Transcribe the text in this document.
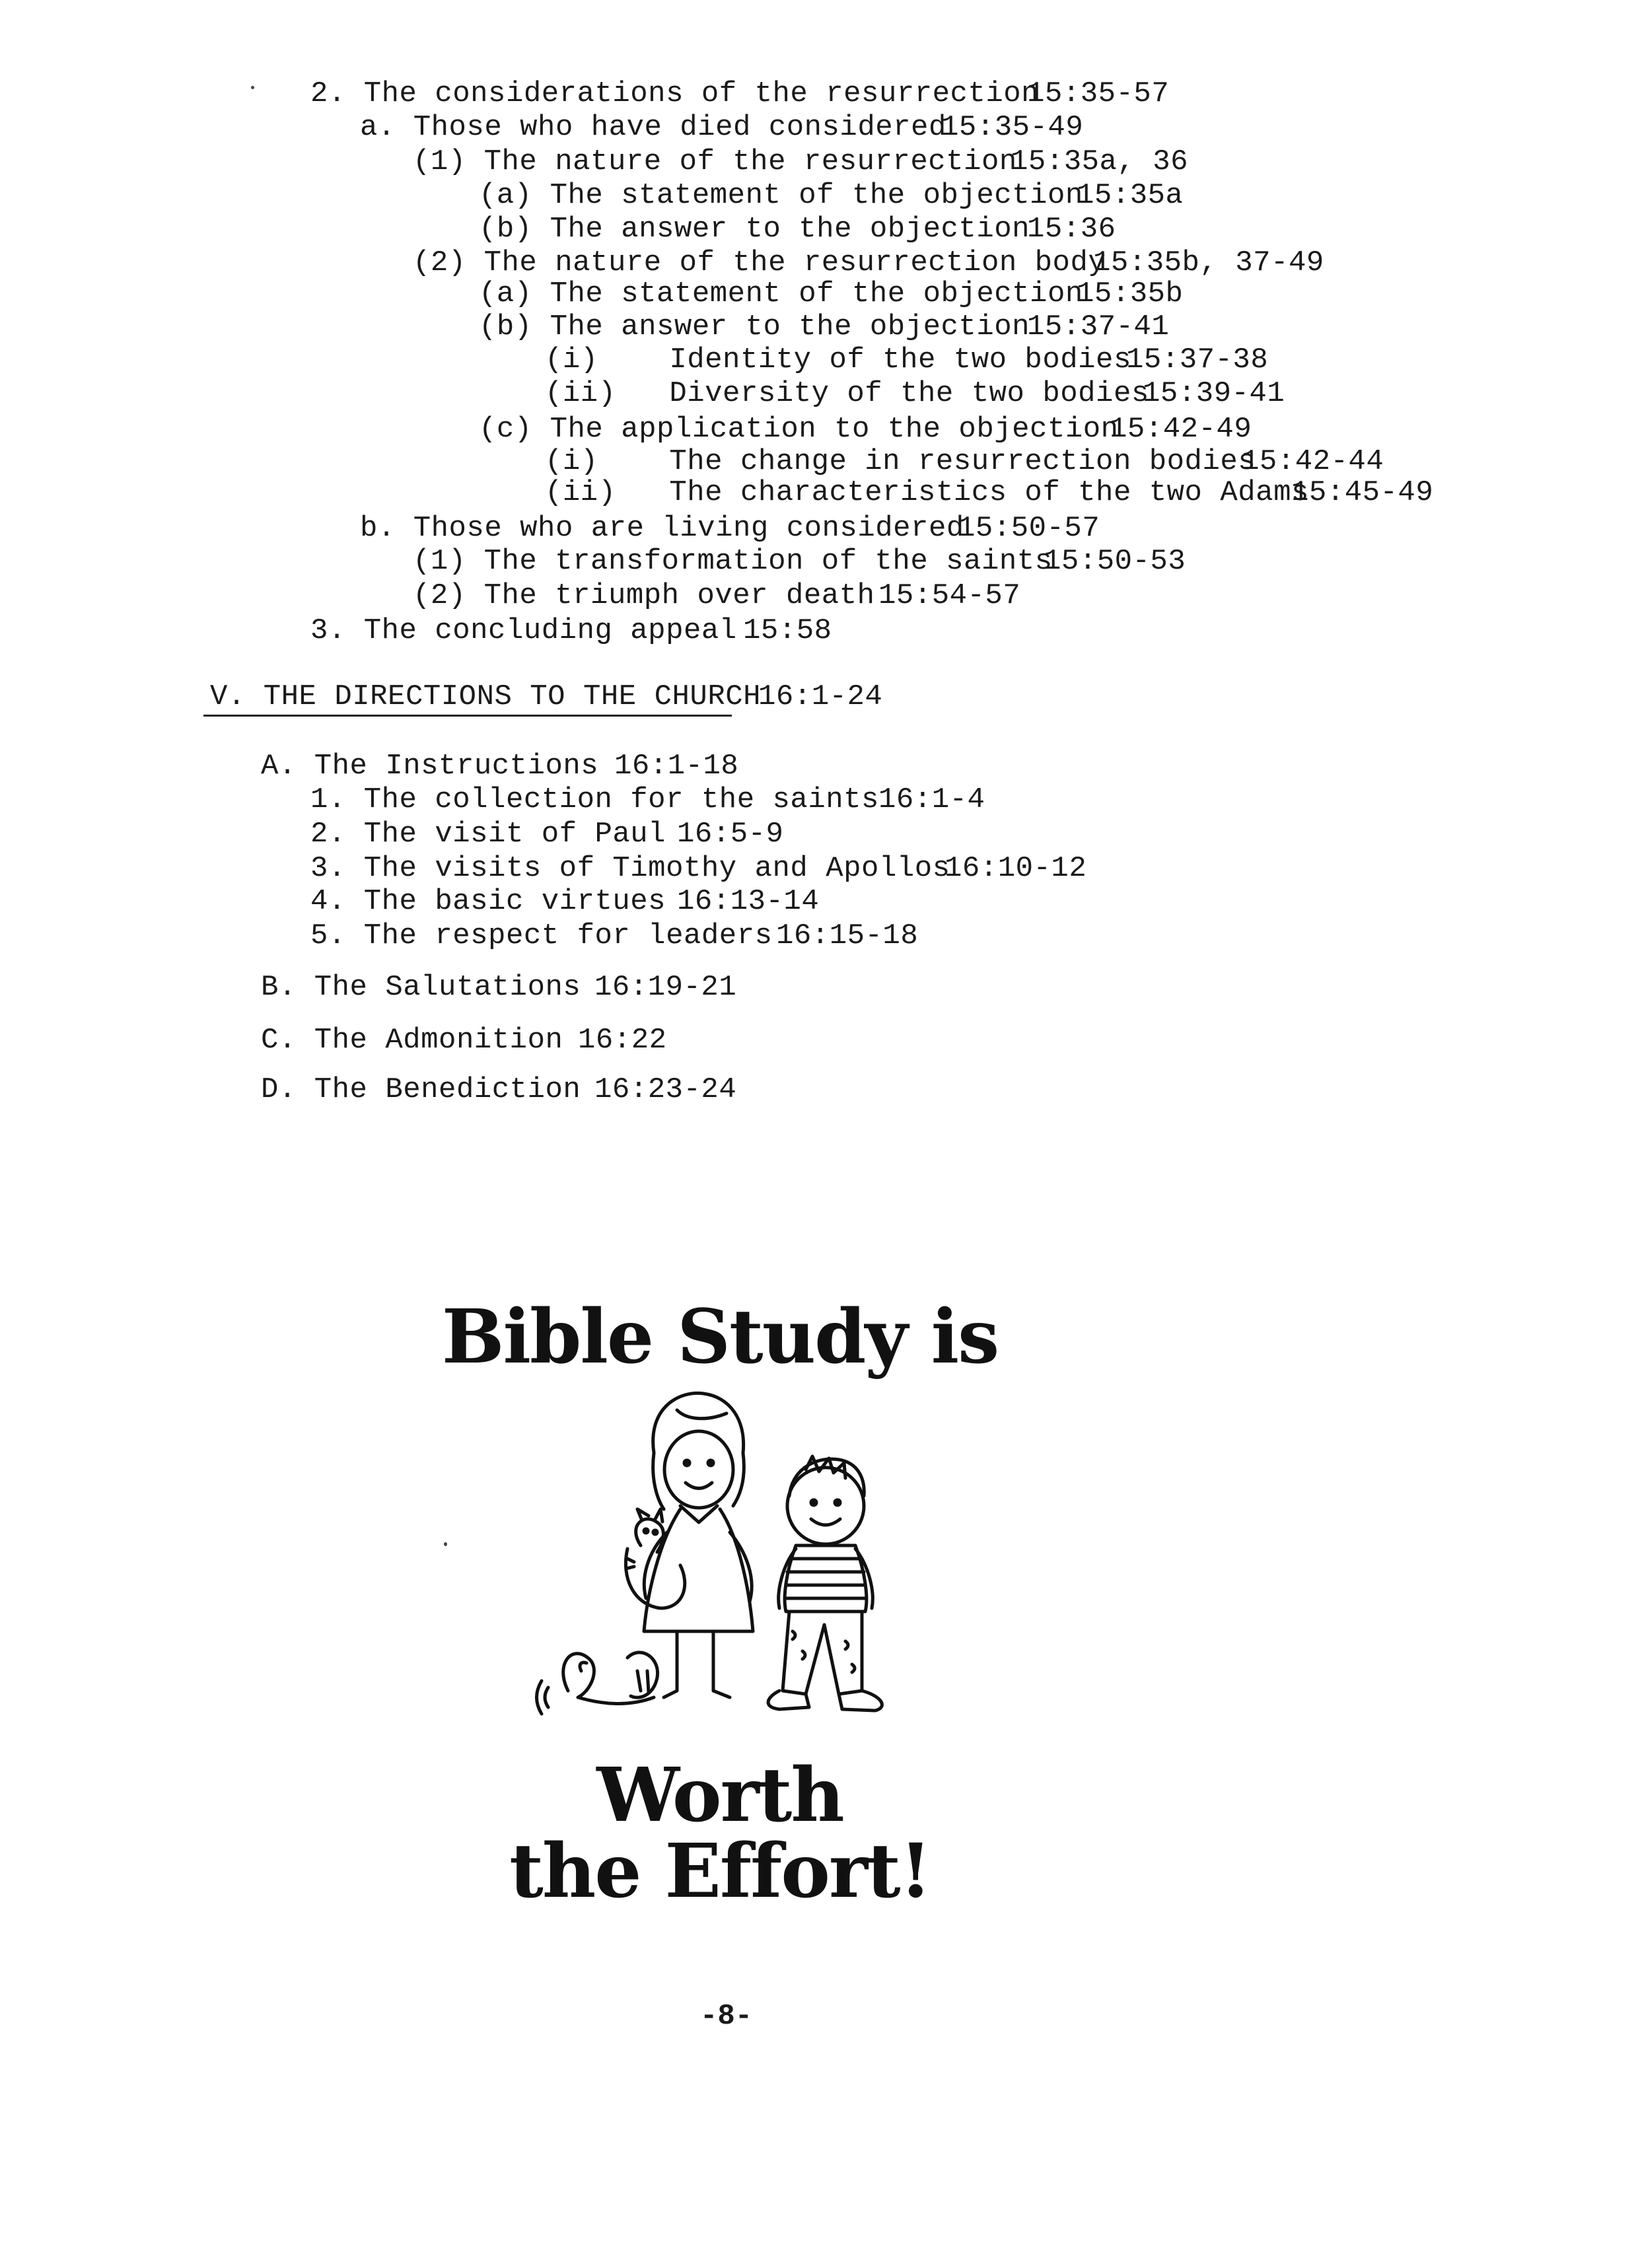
2. The considerations of the resurrection
15:35-57
a. Those who have died considered
15:35-49
(1) The nature of the resurrection
15:35a, 36
(a) The statement of the objection
15:35a
(b) The answer to the objection
15:36
(2) The nature of the resurrection body
15:35b, 37-49
(a) The statement of the objection
15:35b
(b) The answer to the objection
15:37-41
(i)    Identity of the two bodies
15:37-38
(ii)   Diversity of the two bodies
15:39-41
(c) The application to the objection
15:42-49
(i)    The change in resurrection bodies
15:42-44
(ii)   The characteristics of the two Adams
15:45-49
b. Those who are living considered
15:50-57
(1) The transformation of the saints
15:50-53
(2) The triumph over death 15:54-57
3. The concluding appeal 15:58
V. THE DIRECTIONS TO THE CHURCH
16:1-24
A. The Instructions 16:1-18
1. The collection for the saints 16:1-4
2. The visit of Paul 16:5-9
3. The visits of Timothy and Apollos
16:10-12
4. The basic virtues 16:13-14
5. The respect for leaders 16:15-18
B. The Salutations 16:19-21
C. The Admonition 16:22
D. The Benediction 16:23-24
Bible Study is
Worth
the Effort!
-8-
